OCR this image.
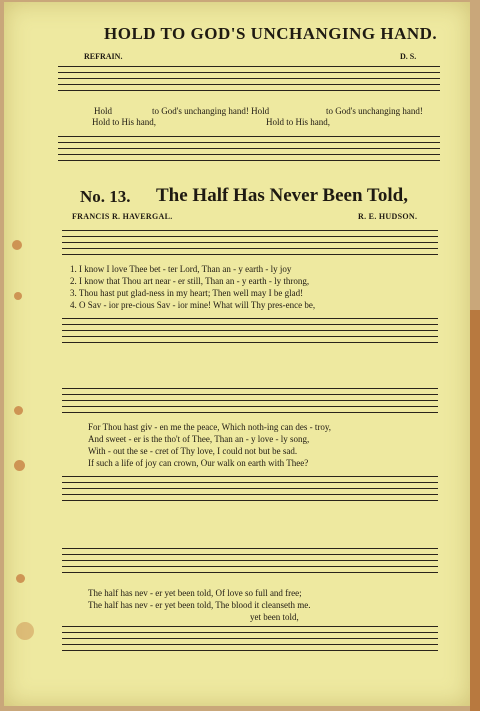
HOLD TO GOD'S UNCHANGING HAND.
REFRAIN.	D. S.
Hold	to God's unchanging hand! Hold	to God's unchanging hand!
Hold to His hand,	Hold to His hand,
No. 13. The Half Has Never Been Told,
FRANCIS R. HAVERGAL.	R. E. HUDSON.
1. I know I love Thee bet - ter Lord, Than an - y earth - ly joy
2. I know that Thou art near - er still, Than an - y earth - ly throng,
3. Thou hast put glad-ness in my heart; Then well may I be glad!
4. O Sav - ior pre-cious Sav - ior mine! What will Thy pres-ence be,
For Thou hast giv - en me the peace, Which noth-ing can des - troy,
And sweet - er is the tho't of Thee, Than an - y love - ly song,
With - out the se - cret of Thy love, I could not but be sad.
If such a life of joy can crown, Our walk on earth with Thee?
The half has nev - er yet been told, Of love so full and free;
The half has nev - er yet been told, The blood it cleanseth me.
yet been told,
